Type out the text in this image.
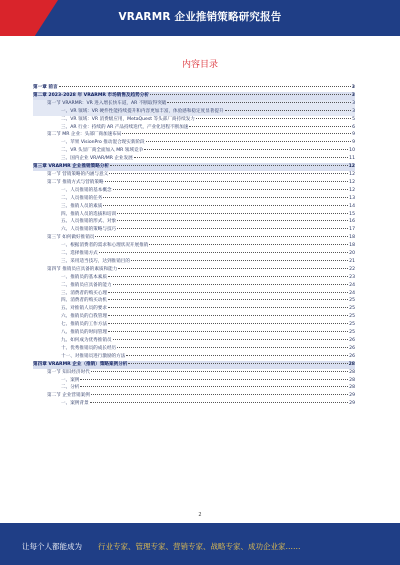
VRARMR 企业推销策略研究报告
内容目录
第一章 前言	3
第二章 2023-2028 年 VRARMR 市场销售及趋势分析	3
第一节 VRARMR：VR 进入增长快车道，AR 不断取得突破	3
一、VR 领域：VR 硬件性能持续提升和内容更加丰富，体验感和稳定度显著提升	3
二、VR 领域：VR 消费级应用，MetaQuest 等头部厂商持续发力	5
三、AR 行业：持续的 AR 产品持续迭代，产业化进程不断加速	6
第二节 MR 企业：头部厂商加速布局	9
一、苹果 VisionPro 推动混合现实新阶段	9
二、VR 头显厂商全面加入 MR 领域竞争	10
三、国内企业 VR/AR/MR 企业发展	11
第三章 VRARMR 企业推销策略分析	12
第一节 营销策略的内涵与意义	12
第二节 推销方式与营销策略	12
一、人员推销的基本概念	12
二、人员推销的任务	13
三、推销人员的素质	14
四、推销人员的选拔和培训	15
五、人员推销的形式、对象	16
六、人员推销的策略与技巧	17
第三节 如何做好推销员	18
一、根据消费者的需求和心理状况开展推销	18
二、选择推销方式	20
三、采用适当技巧，达到推销目的	21
第四节 推销员应具备的素质和能力	22
一、推销员的基本素质	23
二、推销员应具备的能力	24
三、消费者的购买心理	24
四、消费者的购买动机	25
五、对推销人员的要求	25
六、推销员的自我管理	25
七、推销员的工作方法	25
八、推销员的时间管理	25
九、如何成为优秀推销员	26
十、优秀推销员的成长经历	26
十一、对推销员进行激励的方法	26
第四章 VRARMR 企业（推销）策略案例分析	28
第一节 知识经济时代	28
一、案例	28
二、分析	28
第二节 企业营销案例	29
一、案例背景	29
2
让每个人都能成为 行业专家、管理专家、营销专家、战略专家、成功企业家……
